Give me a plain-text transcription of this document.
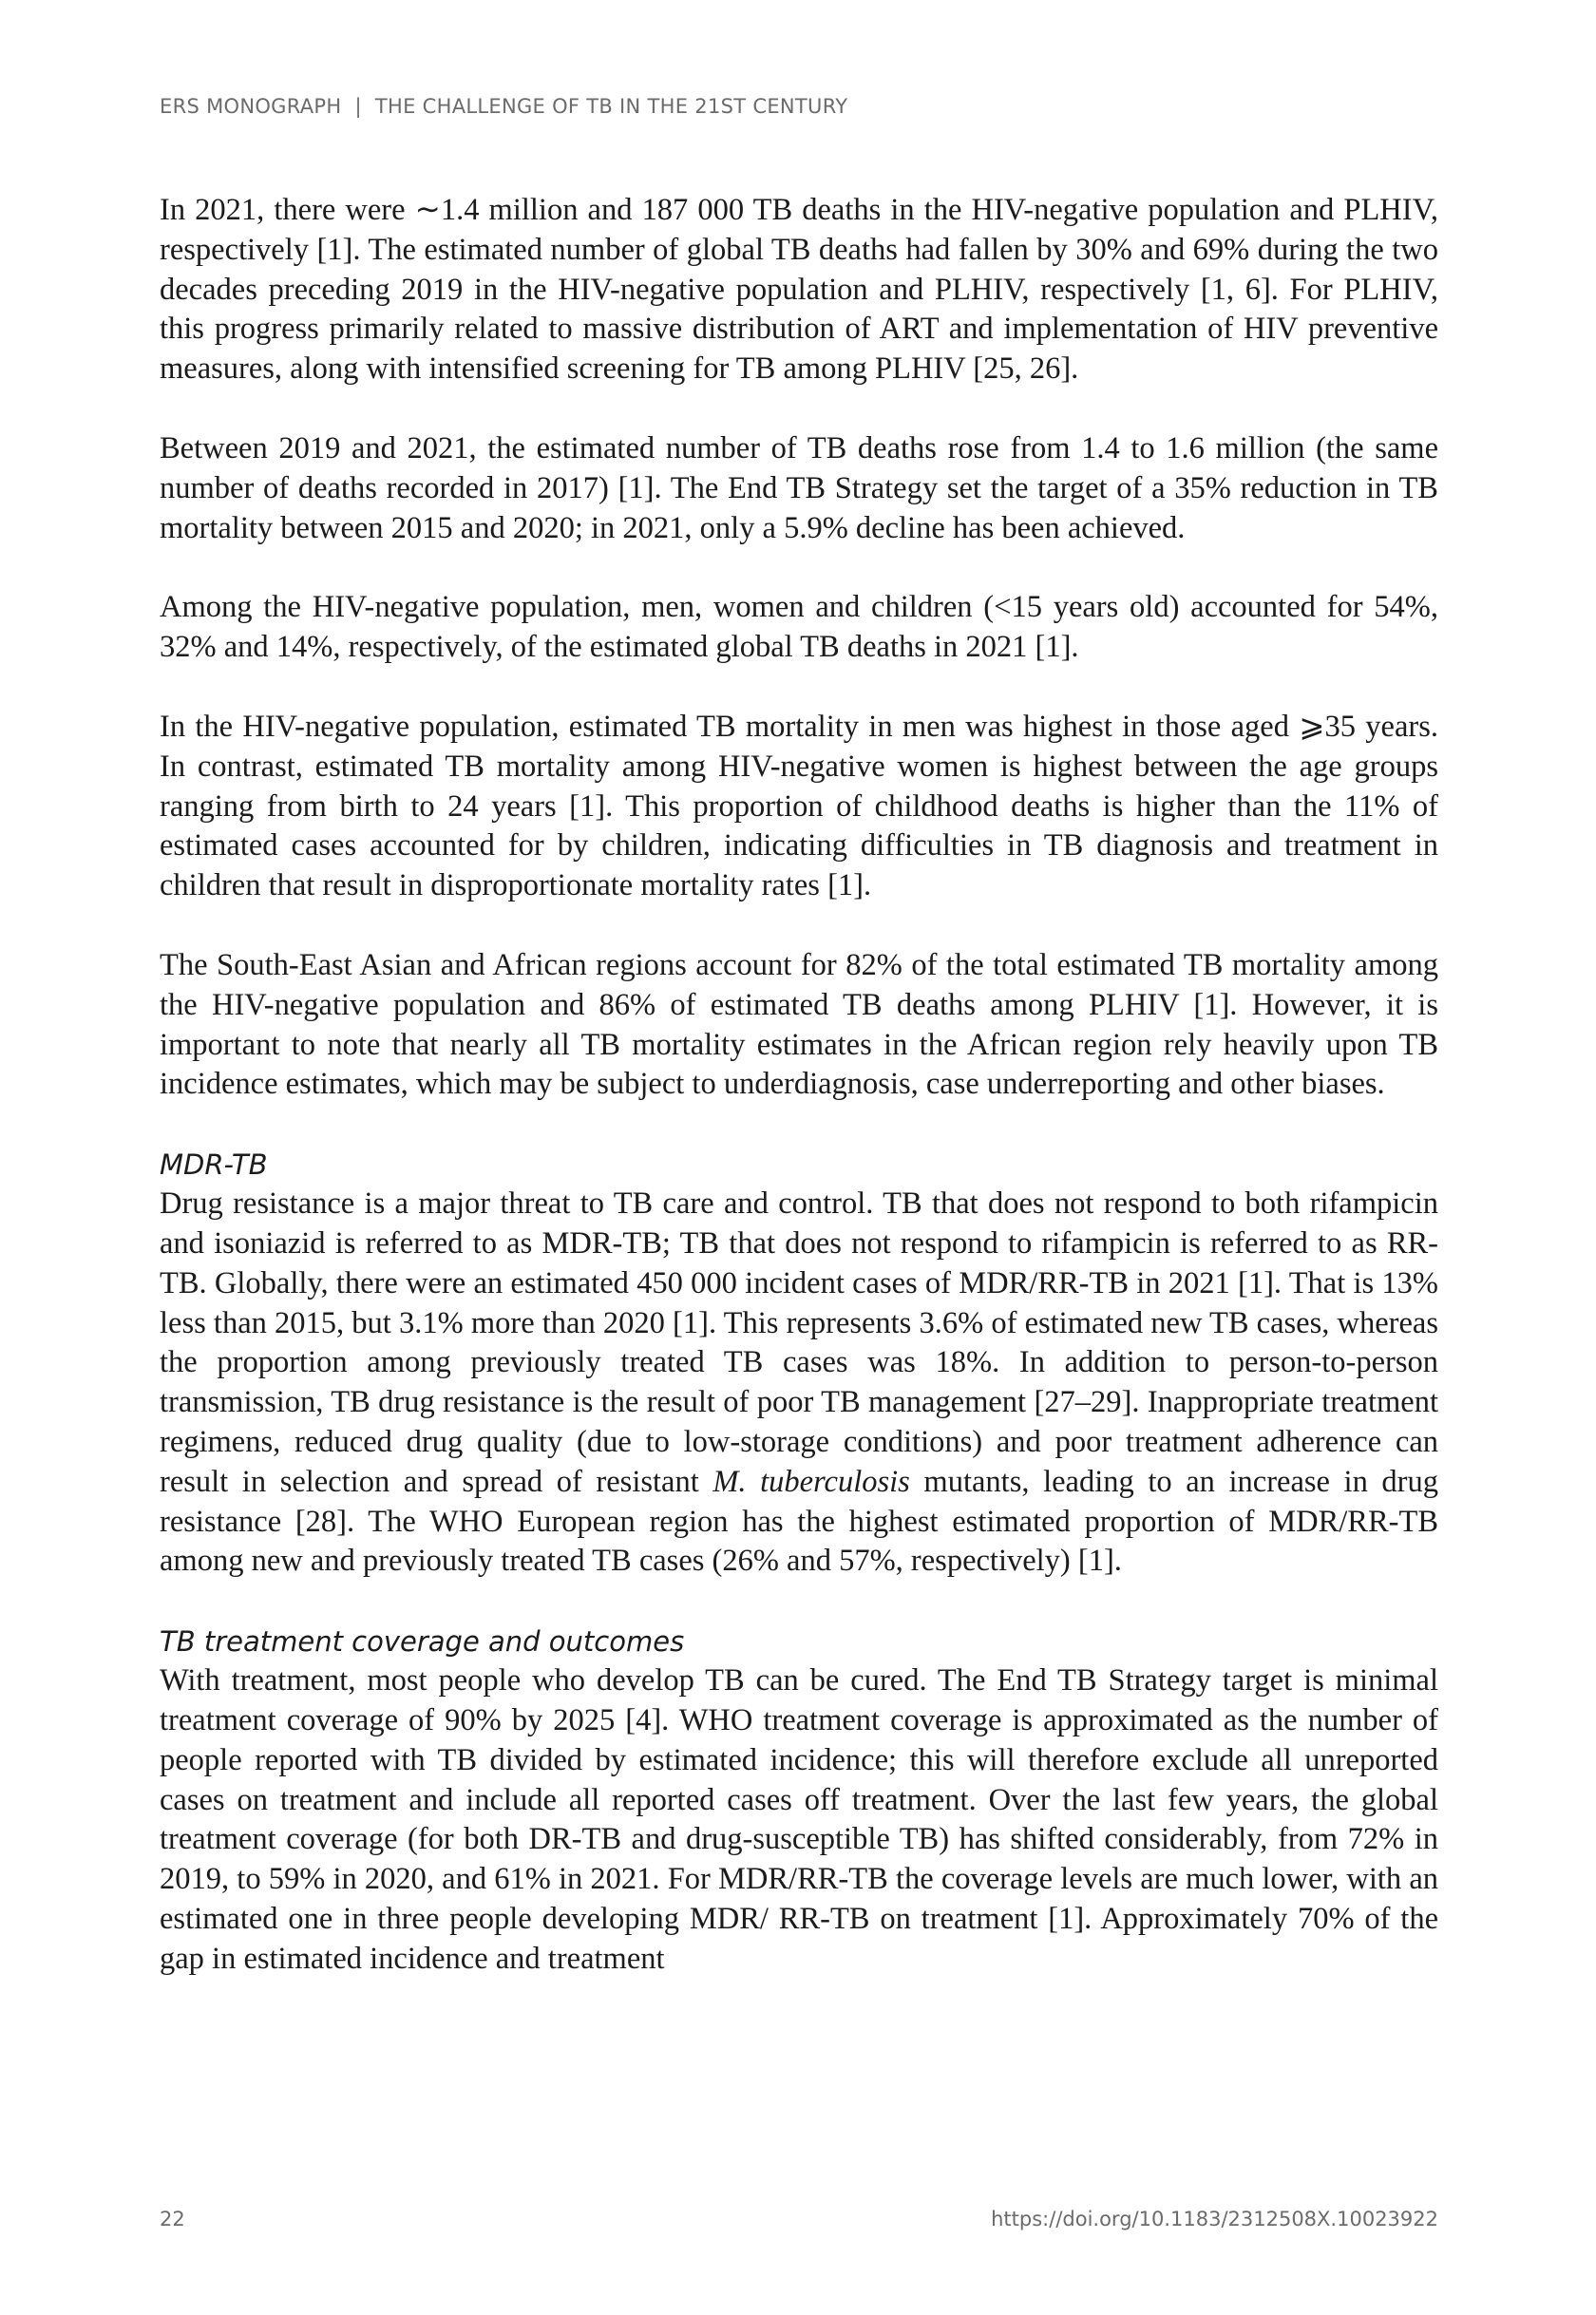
ERS MONOGRAPH | THE CHALLENGE OF TB IN THE 21ST CENTURY

In 2021, there were ∼1.4 million and 187 000 TB deaths in the HIV-negative population and PLHIV, respectively [1]. The estimated number of global TB deaths had fallen by 30% and 69% during the two decades preceding 2019 in the HIV-negative population and PLHIV, respectively [1, 6]. For PLHIV, this progress primarily related to massive distribution of ART and implementation of HIV preventive measures, along with intensified screening for TB among PLHIV [25, 26].

Between 2019 and 2021, the estimated number of TB deaths rose from 1.4 to 1.6 million (the same number of deaths recorded in 2017) [1]. The End TB Strategy set the target of a 35% reduction in TB mortality between 2015 and 2020; in 2021, only a 5.9% decline has been achieved.

Among the HIV-negative population, men, women and children (<15 years old) accounted for 54%, 32% and 14%, respectively, of the estimated global TB deaths in 2021 [1].

In the HIV-negative population, estimated TB mortality in men was highest in those aged ⩾35 years. In contrast, estimated TB mortality among HIV-negative women is highest between the age groups ranging from birth to 24 years [1]. This proportion of childhood deaths is higher than the 11% of estimated cases accounted for by children, indicating difficulties in TB diagnosis and treatment in children that result in disproportionate mortality rates [1].

The South-East Asian and African regions account for 82% of the total estimated TB mortality among the HIV-negative population and 86% of estimated TB deaths among PLHIV [1]. However, it is important to note that nearly all TB mortality estimates in the African region rely heavily upon TB incidence estimates, which may be subject to underdiagnosis, case underreporting and other biases.

MDR-TB

Drug resistance is a major threat to TB care and control. TB that does not respond to both rifampicin and isoniazid is referred to as MDR-TB; TB that does not respond to rifampicin is referred to as RR-TB. Globally, there were an estimated 450 000 incident cases of MDR/RR-TB in 2021 [1]. That is 13% less than 2015, but 3.1% more than 2020 [1]. This represents 3.6% of estimated new TB cases, whereas the proportion among previously treated TB cases was 18%. In addition to person-to-person transmission, TB drug resistance is the result of poor TB management [27–29]. Inappropriate treatment regimens, reduced drug quality (due to low-storage conditions) and poor treatment adherence can result in selection and spread of resistant M. tuberculosis mutants, leading to an increase in drug resistance [28]. The WHO European region has the highest estimated proportion of MDR/RR-TB among new and previously treated TB cases (26% and 57%, respectively) [1].

TB treatment coverage and outcomes

With treatment, most people who develop TB can be cured. The End TB Strategy target is minimal treatment coverage of 90% by 2025 [4]. WHO treatment coverage is approximated as the number of people reported with TB divided by estimated incidence; this will therefore exclude all unreported cases on treatment and include all reported cases off treatment. Over the last few years, the global treatment coverage (for both DR-TB and drug-susceptible TB) has shifted considerably, from 72% in 2019, to 59% in 2020, and 61% in 2021. For MDR/RR-TB the coverage levels are much lower, with an estimated one in three people developing MDR/ RR-TB on treatment [1]. Approximately 70% of the gap in estimated incidence and treatment

22	https://doi.org/10.1183/2312508X.10023922
